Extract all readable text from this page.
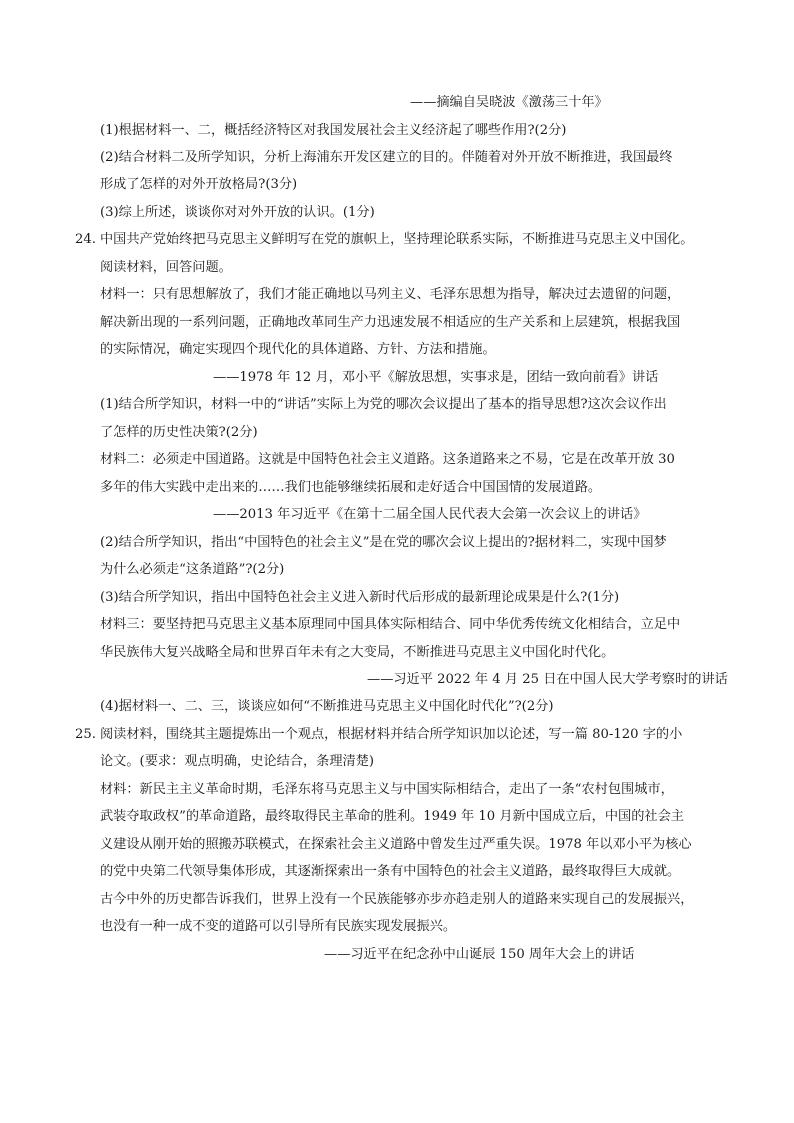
——摘编自吴晓波《激荡三十年》
(1)根据材料一、二，概括经济特区对我国发展社会主义经济起了哪些作用?(2分)
(2)结合材料二及所学知识，分析上海浦东开发区建立的目的。伴随着对外开放不断推进，我国最终
形成了怎样的对外开放格局?(3分)
(3)综上所述，谈谈你对对外开放的认识。(1分)
24. 中国共产党始终把马克思主义鲜明写在党的旗帜上，坚持理论联系实际，不断推进马克思主义中国化。
阅读材料，回答问题。
材料一：只有思想解放了，我们才能正确地以马列主义、毛泽东思想为指导，解决过去遗留的问题，
解决新出现的一系列问题，正确地改革同生产力迅速发展不相适应的生产关系和上层建筑，根据我国
的实际情况，确定实现四个现代化的具体道路、方针、方法和措施。
——1978 年 12 月，邓小平《解放思想，实事求是，团结一致向前看》讲话
(1)结合所学知识，材料一中的“讲话”实际上为党的哪次会议提出了基本的指导思想?这次会议作出
了怎样的历史性决策?(2分)
材料二：必须走中国道路。这就是中国特色社会主义道路。这条道路来之不易，它是在改革开放 30
多年的伟大实践中走出来的……我们也能够继续拓展和走好适合中国国情的发展道路。
——2013 年习近平《在第十二届全国人民代表大会第一次会议上的讲话》
(2)结合所学知识，指出“中国特色的社会主义”是在党的哪次会议上提出的?据材料二，实现中国梦
为什么必须走“这条道路”?(2分)
(3)结合所学知识，指出中国特色社会主义进入新时代后形成的最新理论成果是什么?(1分)
材料三：要坚持把马克思主义基本原理同中国具体实际相结合、同中华优秀传统文化相结合，立足中
华民族伟大复兴战略全局和世界百年未有之大变局，不断推进马克思主义中国化时代化。
——习近平 2022 年 4 月 25 日在中国人民大学考察时的讲话
(4)据材料一、二、三，谈谈应如何“不断推进马克思主义中国化时代化”?(2分)
25. 阅读材料，围绕其主题提炼出一个观点，根据材料并结合所学知识加以论述，写一篇 80-120 字的小
论文。(要求：观点明确，史论结合，条理清楚)
材料：新民主主义革命时期，毛泽东将马克思主义与中国实际相结合，走出了一条“农村包围城市，
武装夺取政权”的革命道路，最终取得民主革命的胜利。1949 年 10 月新中国成立后，中国的社会主
义建设从刚开始的照搬苏联模式，在探索社会主义道路中曾发生过严重失误。1978 年以邓小平为核心
的党中央第二代领导集体形成，其逐渐探索出一条有中国特色的社会主义道路，最终取得巨大成就。
古今中外的历史都告诉我们，世界上没有一个民族能够亦步亦趋走别人的道路来实现自己的发展振兴，
也没有一种一成不变的道路可以引导所有民族实现发展振兴。
——习近平在纪念孙中山诞辰 150 周年大会上的讲话
